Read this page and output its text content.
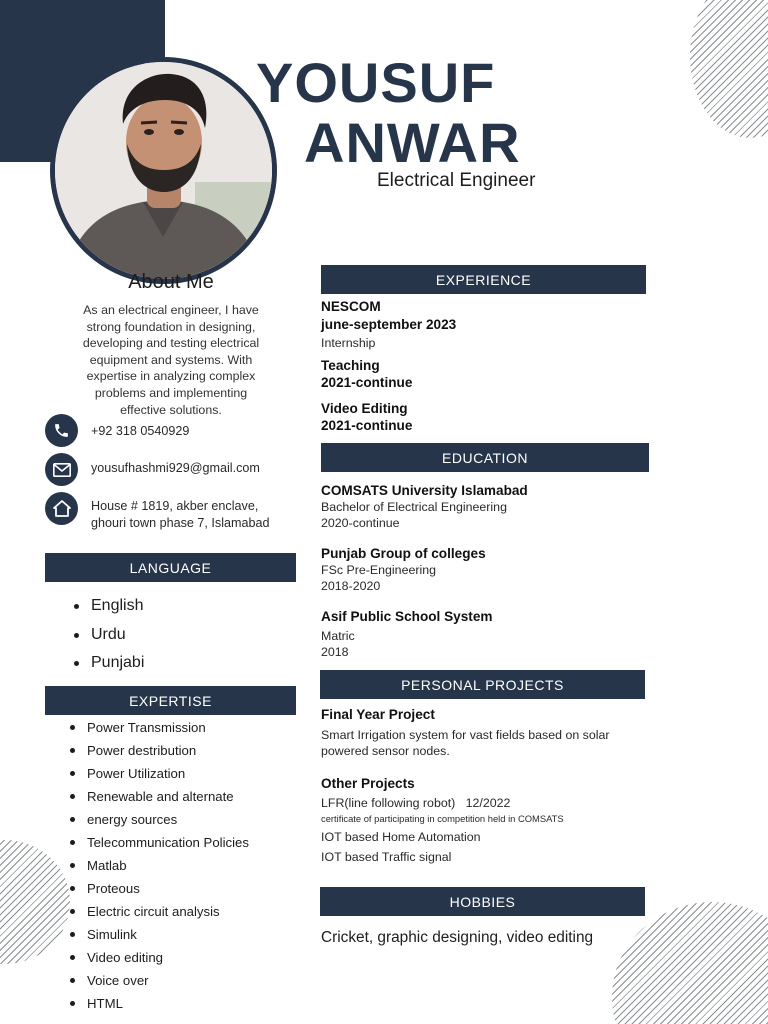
YOUSUF
ANWAR
Electrical Engineer
About Me
As an electrical engineer, I have
strong foundation in designing,
developing and testing electrical
equipment and systems. With
expertise in analyzing complex
problems and implementing
effective solutions.
+92 318 0540929
yousufhashmi929@gmail.com
House # 1819, akber enclave,
ghouri town phase 7, Islamabad
LANGUAGE
English
Urdu
Punjabi
EXPERTISE
Power Transmission
Power destribution
Power Utilization
Renewable and alternate
energy sources
Telecommunication Policies
Matlab
Proteous
Electric circuit analysis
Simulink
Video editing
Voice over
HTML
EXPERIENCE
NESCOM
june-september 2023
Internship
Teaching
2021-continue
Video Editing
2021-continue
EDUCATION
COMSATS University Islamabad
Bachelor of Electrical Engineering
2020-continue
Punjab Group of colleges
FSc Pre-Engineering
2018-2020
Asif Public School System
Matric
2018
PERSONAL PROJECTS
Final Year Project
Smart Irrigation system for vast fields based on solar
powered sensor nodes.
Other Projects
LFR(line following robot)   12/2022
certificate of participating in competition held in COMSATS
IOT based Home Automation
IOT based Traffic signal
HOBBIES
Cricket, graphic designing, video editing
